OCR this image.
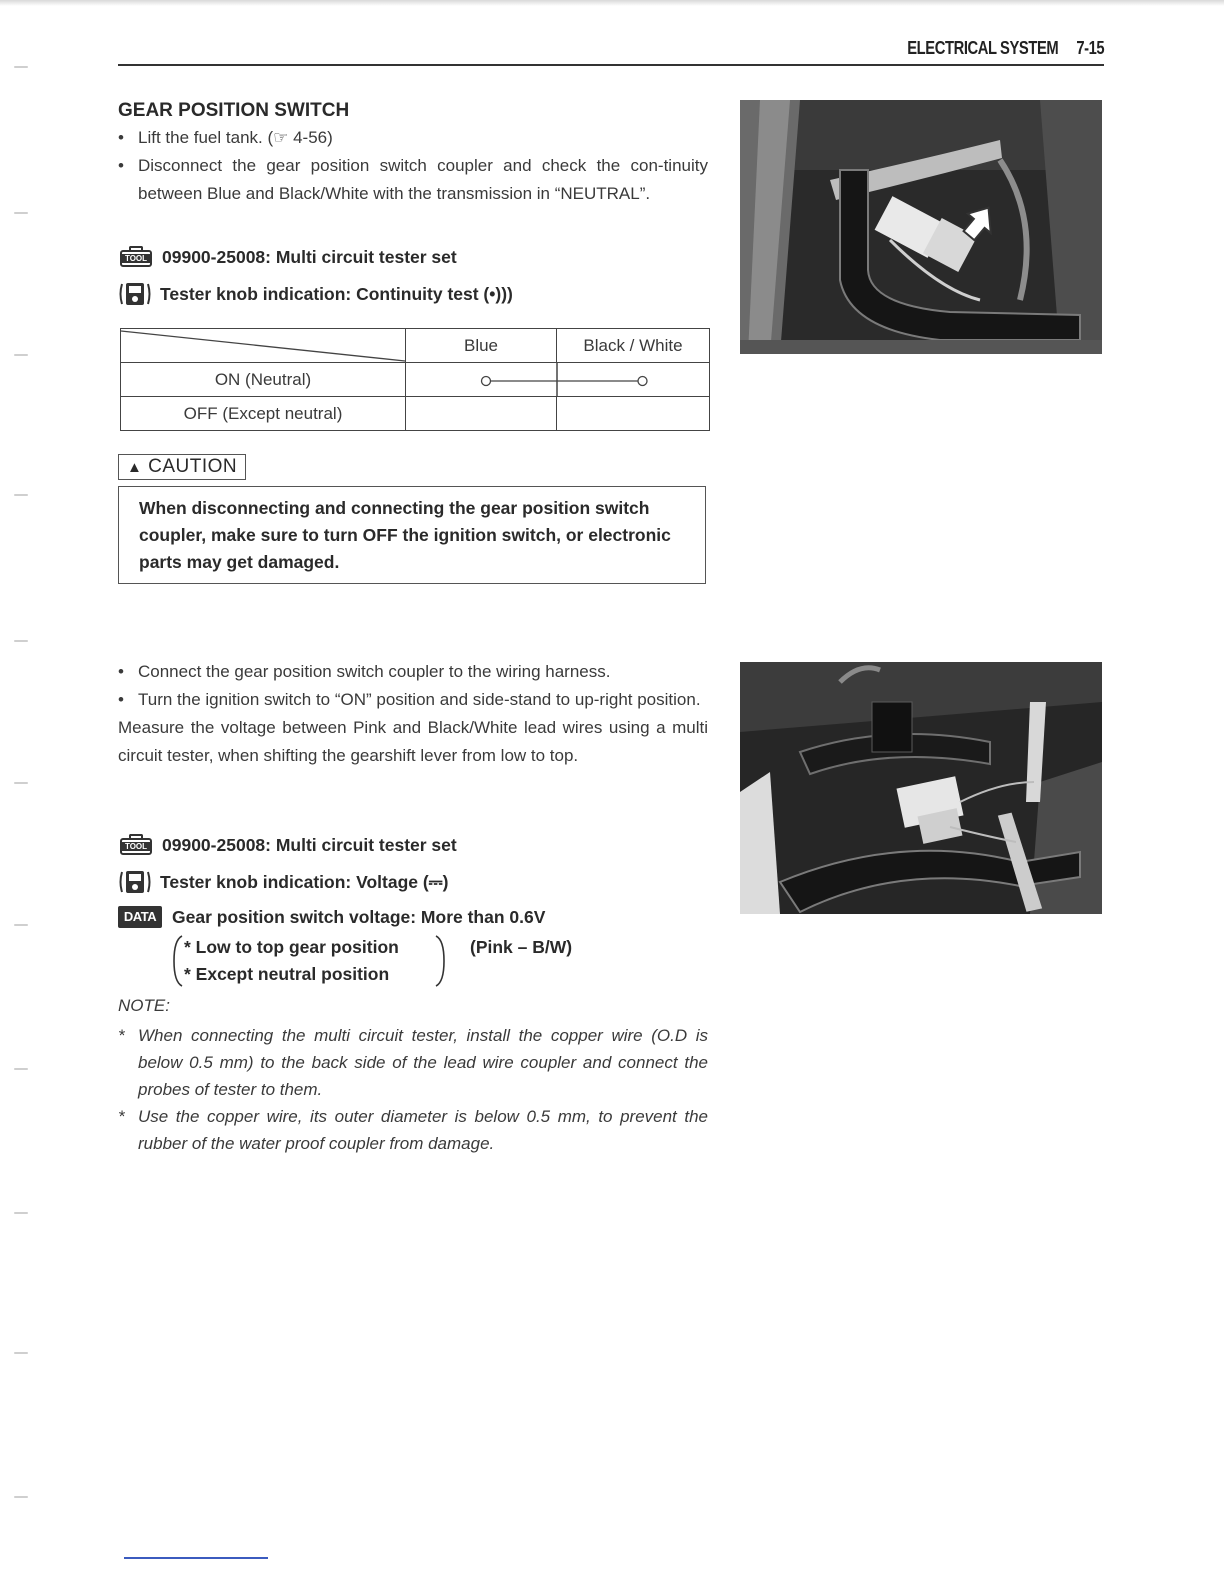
ELECTRICAL SYSTEM 7-15
GEAR POSITION SWITCH
• Lift the fuel tank. (☞ 4-56)
• Disconnect the gear position switch coupler and check the con-tinuity between Blue and Black/White with the transmission in “NEUTRAL”.
TOOL 09900-25008: Multi circuit tester set
Tester knob indication: Continuity test (•)))
	Blue	Black / White
ON (Neutral)	

OFF (Except neutral)		
▲ CAUTION
When disconnecting and connecting the gear position switch coupler, make sure to turn OFF the ignition switch, or electronic parts may get damaged.
• Connect the gear position switch coupler to the wiring harness.
• Turn the ignition switch to “ON” position and side-stand to up-right position.
Measure the voltage between Pink and Black/White lead wires using a multi circuit tester, when shifting the gearshift lever from low to top.
TOOL 09900-25008: Multi circuit tester set
Tester knob indication: Voltage (⎓)
DATA Gear position switch voltage: More than 0.6V
* Low to top gear position
* Except neutral position
(Pink – B/W)
NOTE:
* When connecting the multi circuit tester, install the copper wire (O.D is below 0.5 mm) to the back side of the lead wire coupler and connect the probes of tester to them.
* Use the copper wire, its outer diameter is below 0.5 mm, to prevent the rubber of the water proof coupler from damage.
